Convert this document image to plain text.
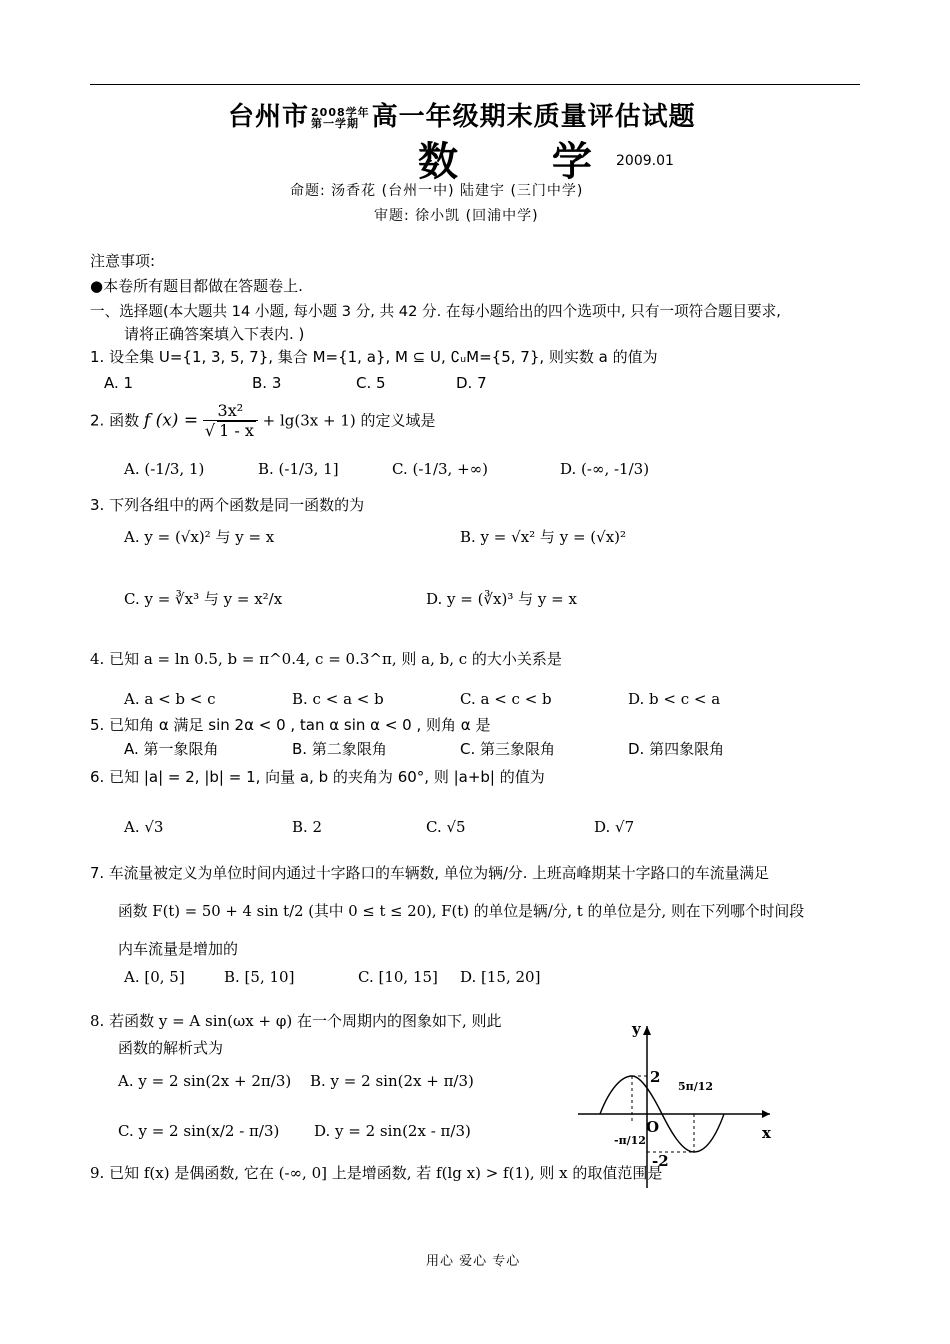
台州市 2008学年
第一学期 高一年级期末质量评估试题
数 学
2009.01
命题: 汤香花 (台州一中) 陆建宇 (三门中学)
审题: 徐小凯 (回浦中学)
注意事项:
●本卷所有题目都做在答题卷上.
一、选择题(本大题共 14 小题, 每小题 3 分, 共 42 分. 在每小题给出的四个选项中, 只有一项符合题目要求,
请将正确答案填入下表内. )
1. 设全集 U={1, 3, 5, 7}, 集合 M={1, a}, M ⊆ U, ∁ᵤM={5, 7}, 则实数 a 的值为
A. 1	B. 3	C. 5	D. 7
2. 函数 f $(x) = \frac{\text{3x²}}{√ 1 - x} + \lg(3x + 1)$ 的定义域是
A. (-1/3, 1)	B. (-1/3, 1]	C. (-1/3, +∞)	D. (-∞, -1/3)
3. 下列各组中的两个函数是同一函数的为
A. y = (√x)² 与 y = x	B. y = √x² 与 y = (√x)²
C. y = ∛x³ 与 y = x²/x	D. y = (∛x)³ 与 y = x
4. 已知 a = ln 0.5, b = π^0.4, c = 0.3^π, 则 a, b, c 的大小关系是
A. a < b < c	B. c < a < b	C. a < c < b	D. b < c < a
5. 已知角 α 满足 sin 2α < 0 , tan α sin α < 0 , 则角 α 是
A. 第一象限角	B. 第二象限角	C. 第三象限角	D. 第四象限角
6. 已知 |a| = 2, |b| = 1, 向量 a, b 的夹角为 60°, 则 |a+b| 的值为
A. √3	B. 2	C. √5	D. √7
7. 车流量被定义为单位时间内通过十字路口的车辆数, 单位为辆/分. 上班高峰期某十字路口的车流量满足
函数 F(t) = 50 + 4 sin t/2 (其中 0 ≤ t ≤ 20), F(t) 的单位是辆/分, t 的单位是分, 则在下列哪个时间段
内车流量是增加的
A. [0, 5]	B. [5, 10]	C. [10, 15] D. [15, 20]
8. 若函数 y = A sin(ωx + φ) 在一个周期内的图象如下, 则此
函数的解析式为
A. y = 2 sin(2x + 2π/3) B. y = 2 sin(2x + π/3)
C. y = 2 sin(x/2 - π/3) D. y = 2 sin(2x - π/3)
y
x
O
2
-2
-π/12
5π/12
9. 已知 f(x) 是偶函数, 它在 (-∞, 0] 上是增函数, 若 f(lg x) > f(1), 则 x 的取值范围是
用心 爱心 专心
